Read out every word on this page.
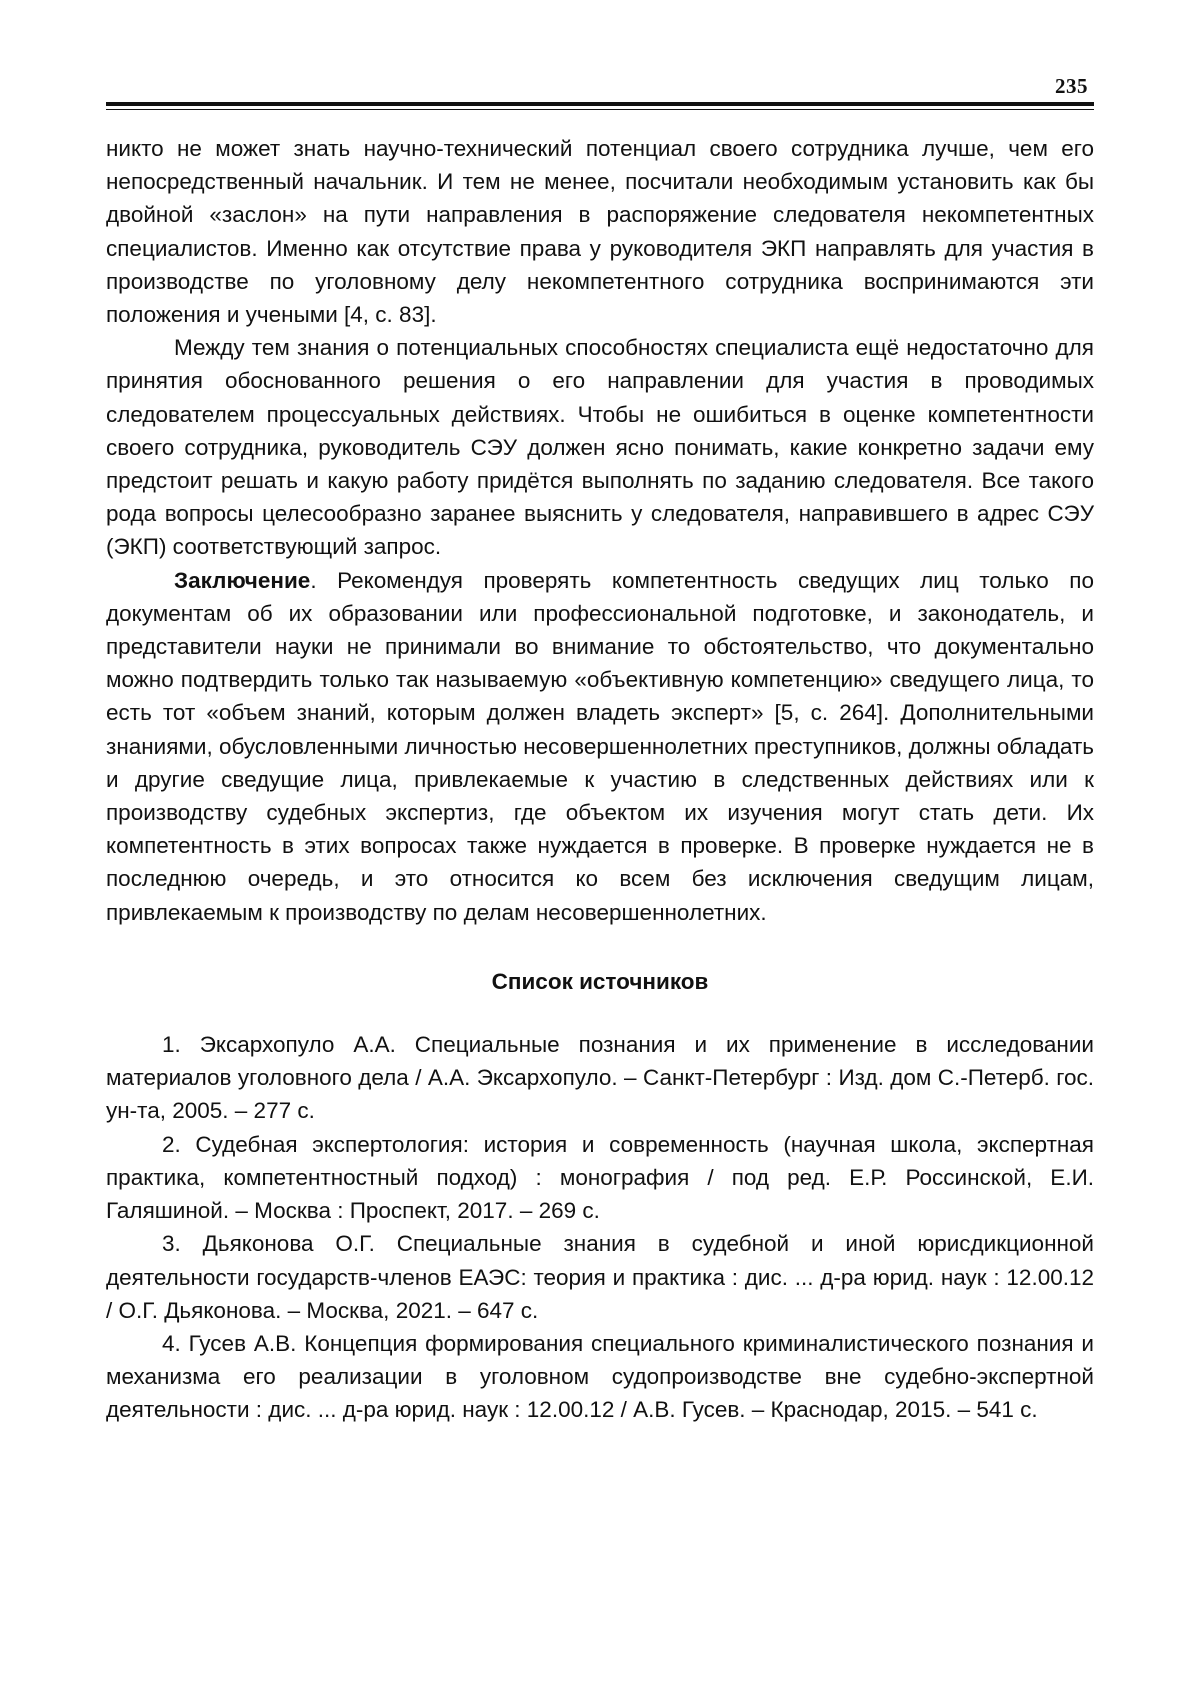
235

никто не может знать научно-технический потенциал своего сотрудника лучше, чем его непосредственный начальник. И тем не менее, посчитали необходимым установить как бы двойной «заслон» на пути направления в распоряжение следователя некомпетентных специалистов. Именно как отсутствие права у руководителя ЭКП направлять для участия в производстве по уголовному делу некомпетентного сотрудника воспринимаются эти положения и учеными [4, с. 83].

Между тем знания о потенциальных способностях специалиста ещё недостаточно для принятия обоснованного решения о его направлении для участия в проводимых следователем процессуальных действиях. Чтобы не ошибиться в оценке компетентности своего сотрудника, руководитель СЭУ должен ясно понимать, какие конкретно задачи ему предстоит решать и какую работу придётся выполнять по заданию следователя. Все такого рода вопросы целесообразно заранее выяснить у следователя, направившего в адрес СЭУ (ЭКП) соответствующий запрос.

Заключение. Рекомендуя проверять компетентность сведущих лиц только по документам об их образовании или профессиональной подготовке, и законодатель, и представители науки не принимали во внимание то обстоятельство, что документально можно подтвердить только так называемую «объективную компетенцию» сведущего лица, то есть тот «объем знаний, которым должен владеть эксперт» [5, с. 264]. Дополнительными знаниями, обусловленными личностью несовершеннолетних преступников, должны обладать и другие сведущие лица, привлекаемые к участию в следственных действиях или к производству судебных экспертиз, где объектом их изучения могут стать дети. Их компетентность в этих вопросах также нуждается в проверке. В проверке нуждается не в последнюю очередь, и это относится ко всем без исключения сведущим лицам, привлекаемым к производству по делам несовершеннолетних.

Список источников

1. Эксархопуло А.А. Специальные познания и их применение в исследовании материалов уголовного дела / А.А. Эксархопуло. – Санкт-Петербург : Изд. дом С.-Петерб. гос. ун-та, 2005. – 277 с.

2. Судебная экспертология: история и современность (научная школа, экспертная практика, компетентностный подход) : монография / под ред. Е.Р. Россинской, Е.И. Галяшиной. – Москва : Проспект, 2017. – 269 с.

3. Дьяконова О.Г. Специальные знания в судебной и иной юрисдикционной деятельности государств-членов ЕАЭС: теория и практика : дис. ... д-ра юрид. наук : 12.00.12 / О.Г. Дьяконова. – Москва, 2021. – 647 с.

4. Гусев А.В. Концепция формирования специального криминалистического познания и механизма его реализации в уголовном судопроизводстве вне судебно-экспертной деятельности : дис. ... д-ра юрид. наук : 12.00.12 / А.В. Гусев. – Краснодар, 2015. – 541 с.
